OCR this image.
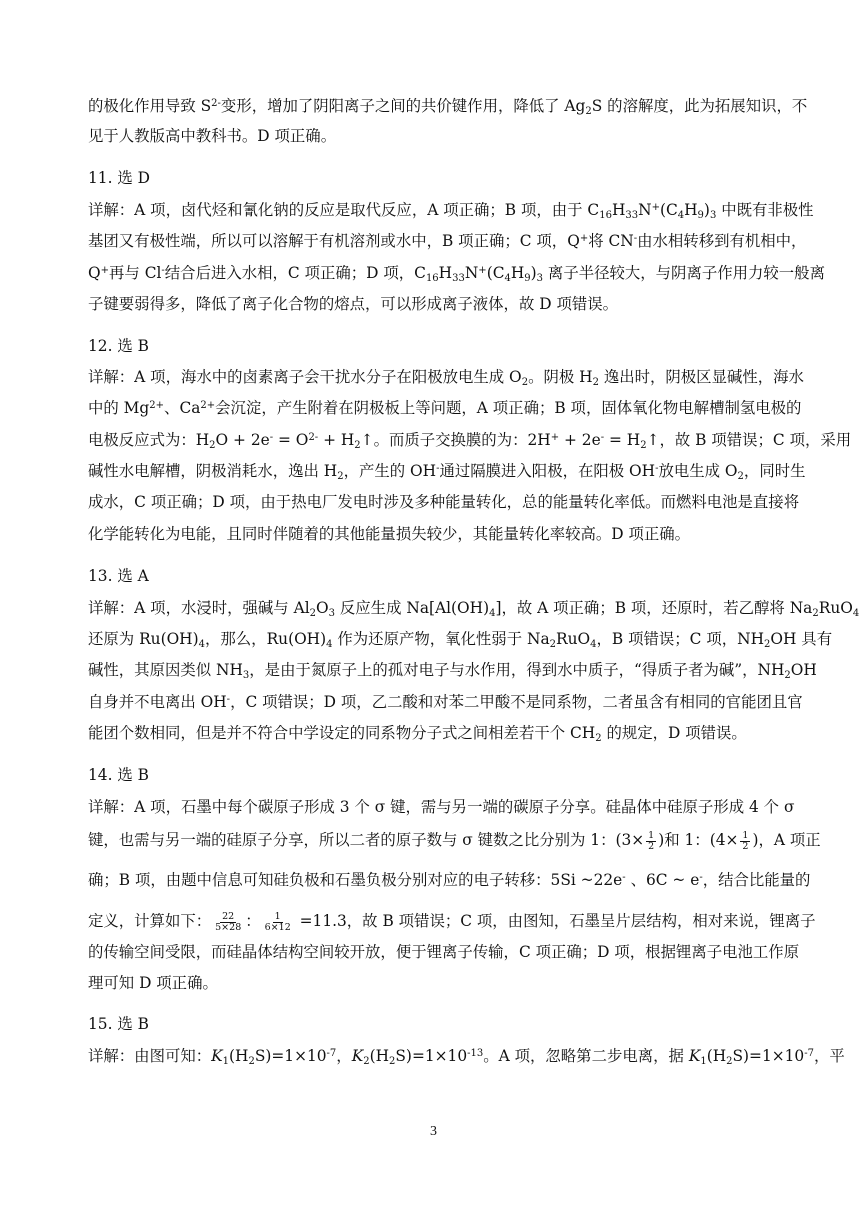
的极化作用导致 $S^{2-}$变形，增加了阴阳离子之间的共价键作用，降低了 $Ag_2S$ 的溶解度，此为拓展知识，不
见于人教版高中教科书。D 项正确。
11. 选 D
详解：A 项，卤代烃和氰化钠的反应是取代反应，A 项正确；B 项，由于 $C_{16}H_{33}N^+(C_4H_9)_3$ 中既有非极性
基团又有极性端，所以可以溶解于有机溶剂或水中，B 项正确；C 项，Q+将 CN-由水相转移到有机相中，
Q+再与 Cl-结合后进入水相，C 项正确；D 项，$C_{16}H_{33}N^+(C_4H_9)_3$ 离子半径较大，与阴离子作用力较一般离
子键要弱得多，降低了离子化合物的熔点，可以形成离子液体，故 D 项错误。
12. 选 B
详解：A 项，海水中的卤素离子会干扰水分子在阳极放电生成 $O_2$。阴极 $H_2$ 逸出时，阴极区显碱性，海水
中的 $Mg^{2+}$、$Ca^{2+}$会沉淀，产生附着在阴极板上等问题，A 项正确；B 项，固体氧化物电解槽制氢电极的
电极反应式为：$H_2O + 2e^- = O^{2-}$ + $H_2↑$。而质子交换膜的为：$2H^+ + 2e^- = H_2↑$，故 B 项错误；C 项，采用
碱性水电解槽，阴极消耗水，逸出 $H_2$，产生的 OH-通过隔膜进入阳极，在阳极 OH-放电生成 $O_2$，同时生
成水，C 项正确；D 项，由于热电厂发电时涉及多种能量转化，总的能量转化率低。而燃料电池是直接将
化学能转化为电能，且同时伴随着的其他能量损失较少，其能量转化率较高。D 项正确。
13. 选 A
详解：A 项，水浸时，强碱与 $Al_2O_3$ 反应生成 $Na[Al(OH)_4]$，故 A 项正确；B 项，还原时，若乙醇将 $Na_2RuO_4$
还原为 $Ru(OH)_4$，那么，$Ru(OH)_4$ 作为还原产物，氧化性弱于 $Na_2RuO_4$，B 项错误；C 项，$NH_2OH$ 具有
碱性，其原因类似 $NH_3$，是由于氮原子上的孤对电子与水作用，得到水中质子，“得质子者为碱”，$NH_2OH$
自身并不电离出 OH-，C 项错误；D 项，乙二酸和对苯二甲酸不是同系物，二者虽含有相同的官能团且官
能团个数相同，但是并不符合中学设定的同系物分子式之间相差若干个 $CH_2$ 的规定，D 项错误。
14. 选 B
详解：A 项，石墨中每个碳原子形成 3 个 σ 键，需与另一端的碳原子分享。硅晶体中硅原子形成 4 个 σ
键，也需与另一端的硅原子分享，所以二者的原子数与 σ 键数之比分别为 1：($3\times \frac{1}{2}$ )和 1：($4\times \frac{1}{2}$ )，A 项正
确；B 项，由题中信息可知硅负极和石墨负极分别对应的电子转移：5Si ~22e- 、6C ~ e-，结合比能量的
定义，计算如下： $\frac{22}{5\times 28}$ ： $\frac{1}{6\times 12} =11.3$，故 B 项错误；C 项，由图知，石墨呈片层结构，相对来说，锂离子
的传输空间受限，而硅晶体结构空间较开放，便于锂离子传输，C 项正确；D 项，根据锂离子电池工作原
理可知 D 项正确。
15. 选 B
详解：由图可知：$K_1(H_2S)=1\times 10^{-7}$，$K_2(H_2S)=1\times 10^{-13}$。A 项，忽略第二步电离，据 $K_1(H_2S)=1\times 10^{-7}$，平
3
